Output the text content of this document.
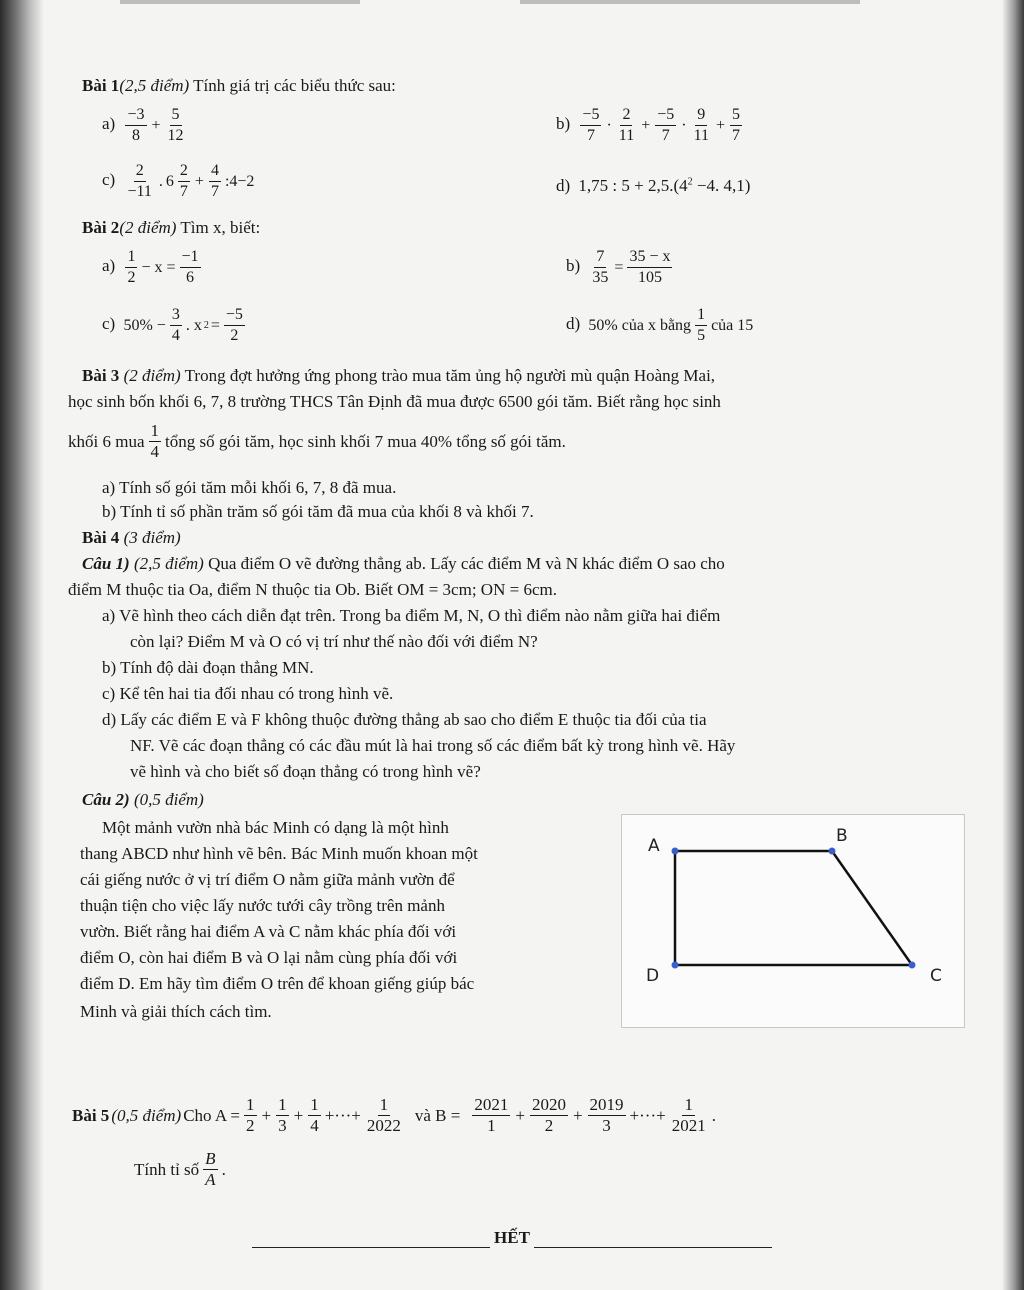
Bài 1(2,5 điểm) Tính giá trị các biểu thức sau:
$a) \frac{-3}{8} + \frac{5}{12}$	$b) \frac{-5}{7} \cdot \frac{2}{11} + \frac{-5}{7} \cdot \frac{9}{11} + \frac{5}{7}$
$c) \frac{2}{-11}$ . $6 \frac{2}{7} + \frac{4}{7}$ :4−2	d) 1,75 : $5 + 2,5.(4^2 -4$. 4,1)
Bài 2(2 điểm) Tìm x, biết:
$a) \frac{1}{2} - x = \frac{-1}{6}$	$b) \frac{7}{35} = \frac{35 - x}{105}$
c) $50\% - \frac{3}{4}$ . x $2 = \frac{-5}{2}$	d) 50% của x bằng $\frac{1}{5}$ của 15
Bài 3 (2 điểm) Trong đợt hưởng ứng phong trào mua tăm ủng hộ người mù quận Hoàng Mai,
học sinh bốn khối 6, 7, 8 trường THCS Tân Định đã mua được 6500 gói tăm. Biết rằng học sinh
khối 6 mua $\frac{1}{4}$ tổng số gói tăm, học sinh khối 7 mua 40% tổng số gói tăm.
a) Tính số gói tăm mỗi khối 6, 7, 8 đã mua.
b) Tính tỉ số phần trăm số gói tăm đã mua của khối 8 và khối 7.
Bài 4 (3 điểm)
Câu 1) (2,5 điểm) Qua điểm O vẽ đường thẳng ab. Lấy các điểm M và N khác điểm O sao cho
điểm M thuộc tia Oa, điểm N thuộc tia Ob. Biết OM = 3cm; ON = 6cm.
a) Vẽ hình theo cách diễn đạt trên. Trong ba điểm M, N, O thì điểm nào nằm giữa hai điểm
còn lại? Điểm M và O có vị trí như thế nào đối với điểm N?
b) Tính độ dài đoạn thẳng MN.
c) Kể tên hai tia đối nhau có trong hình vẽ.
d) Lấy các điểm E và F không thuộc đường thẳng ab sao cho điểm E thuộc tia đối của tia
NF. Vẽ các đoạn thẳng có các đầu mút là hai trong số các điểm bất kỳ trong hình vẽ. Hãy
vẽ hình và cho biết số đoạn thẳng có trong hình vẽ?
Câu 2) (0,5 điểm)
Một mảnh vườn nhà bác Minh có dạng là một hình
thang ABCD như hình vẽ bên. Bác Minh muốn khoan một
cái giếng nước ở vị trí điểm O nằm giữa mảnh vườn để
thuận tiện cho việc lấy nước tưới cây trồng trên mảnh
vườn. Biết rằng hai điểm A và C nằm khác phía đối với
điểm O, còn hai điểm B và O lại nằm cùng phía đối với
điểm D. Em hãy tìm điểm O trên để khoan giếng giúp bác
Minh và giải thích cách tìm.
A	B
C
D
Bài 5 (0,5 điểm) Cho $A = \frac{1}{2} + \frac{1}{3} + \frac{1}{4}$ +···+ $\frac{1}{2022}$ và $B = \frac{2021}{1} + \frac{2020}{2} + \frac{2019}{3}$ +···+ $\frac{1}{2021}$ .
Tính tỉ số $\frac{B}{A}$ .
HẾT
